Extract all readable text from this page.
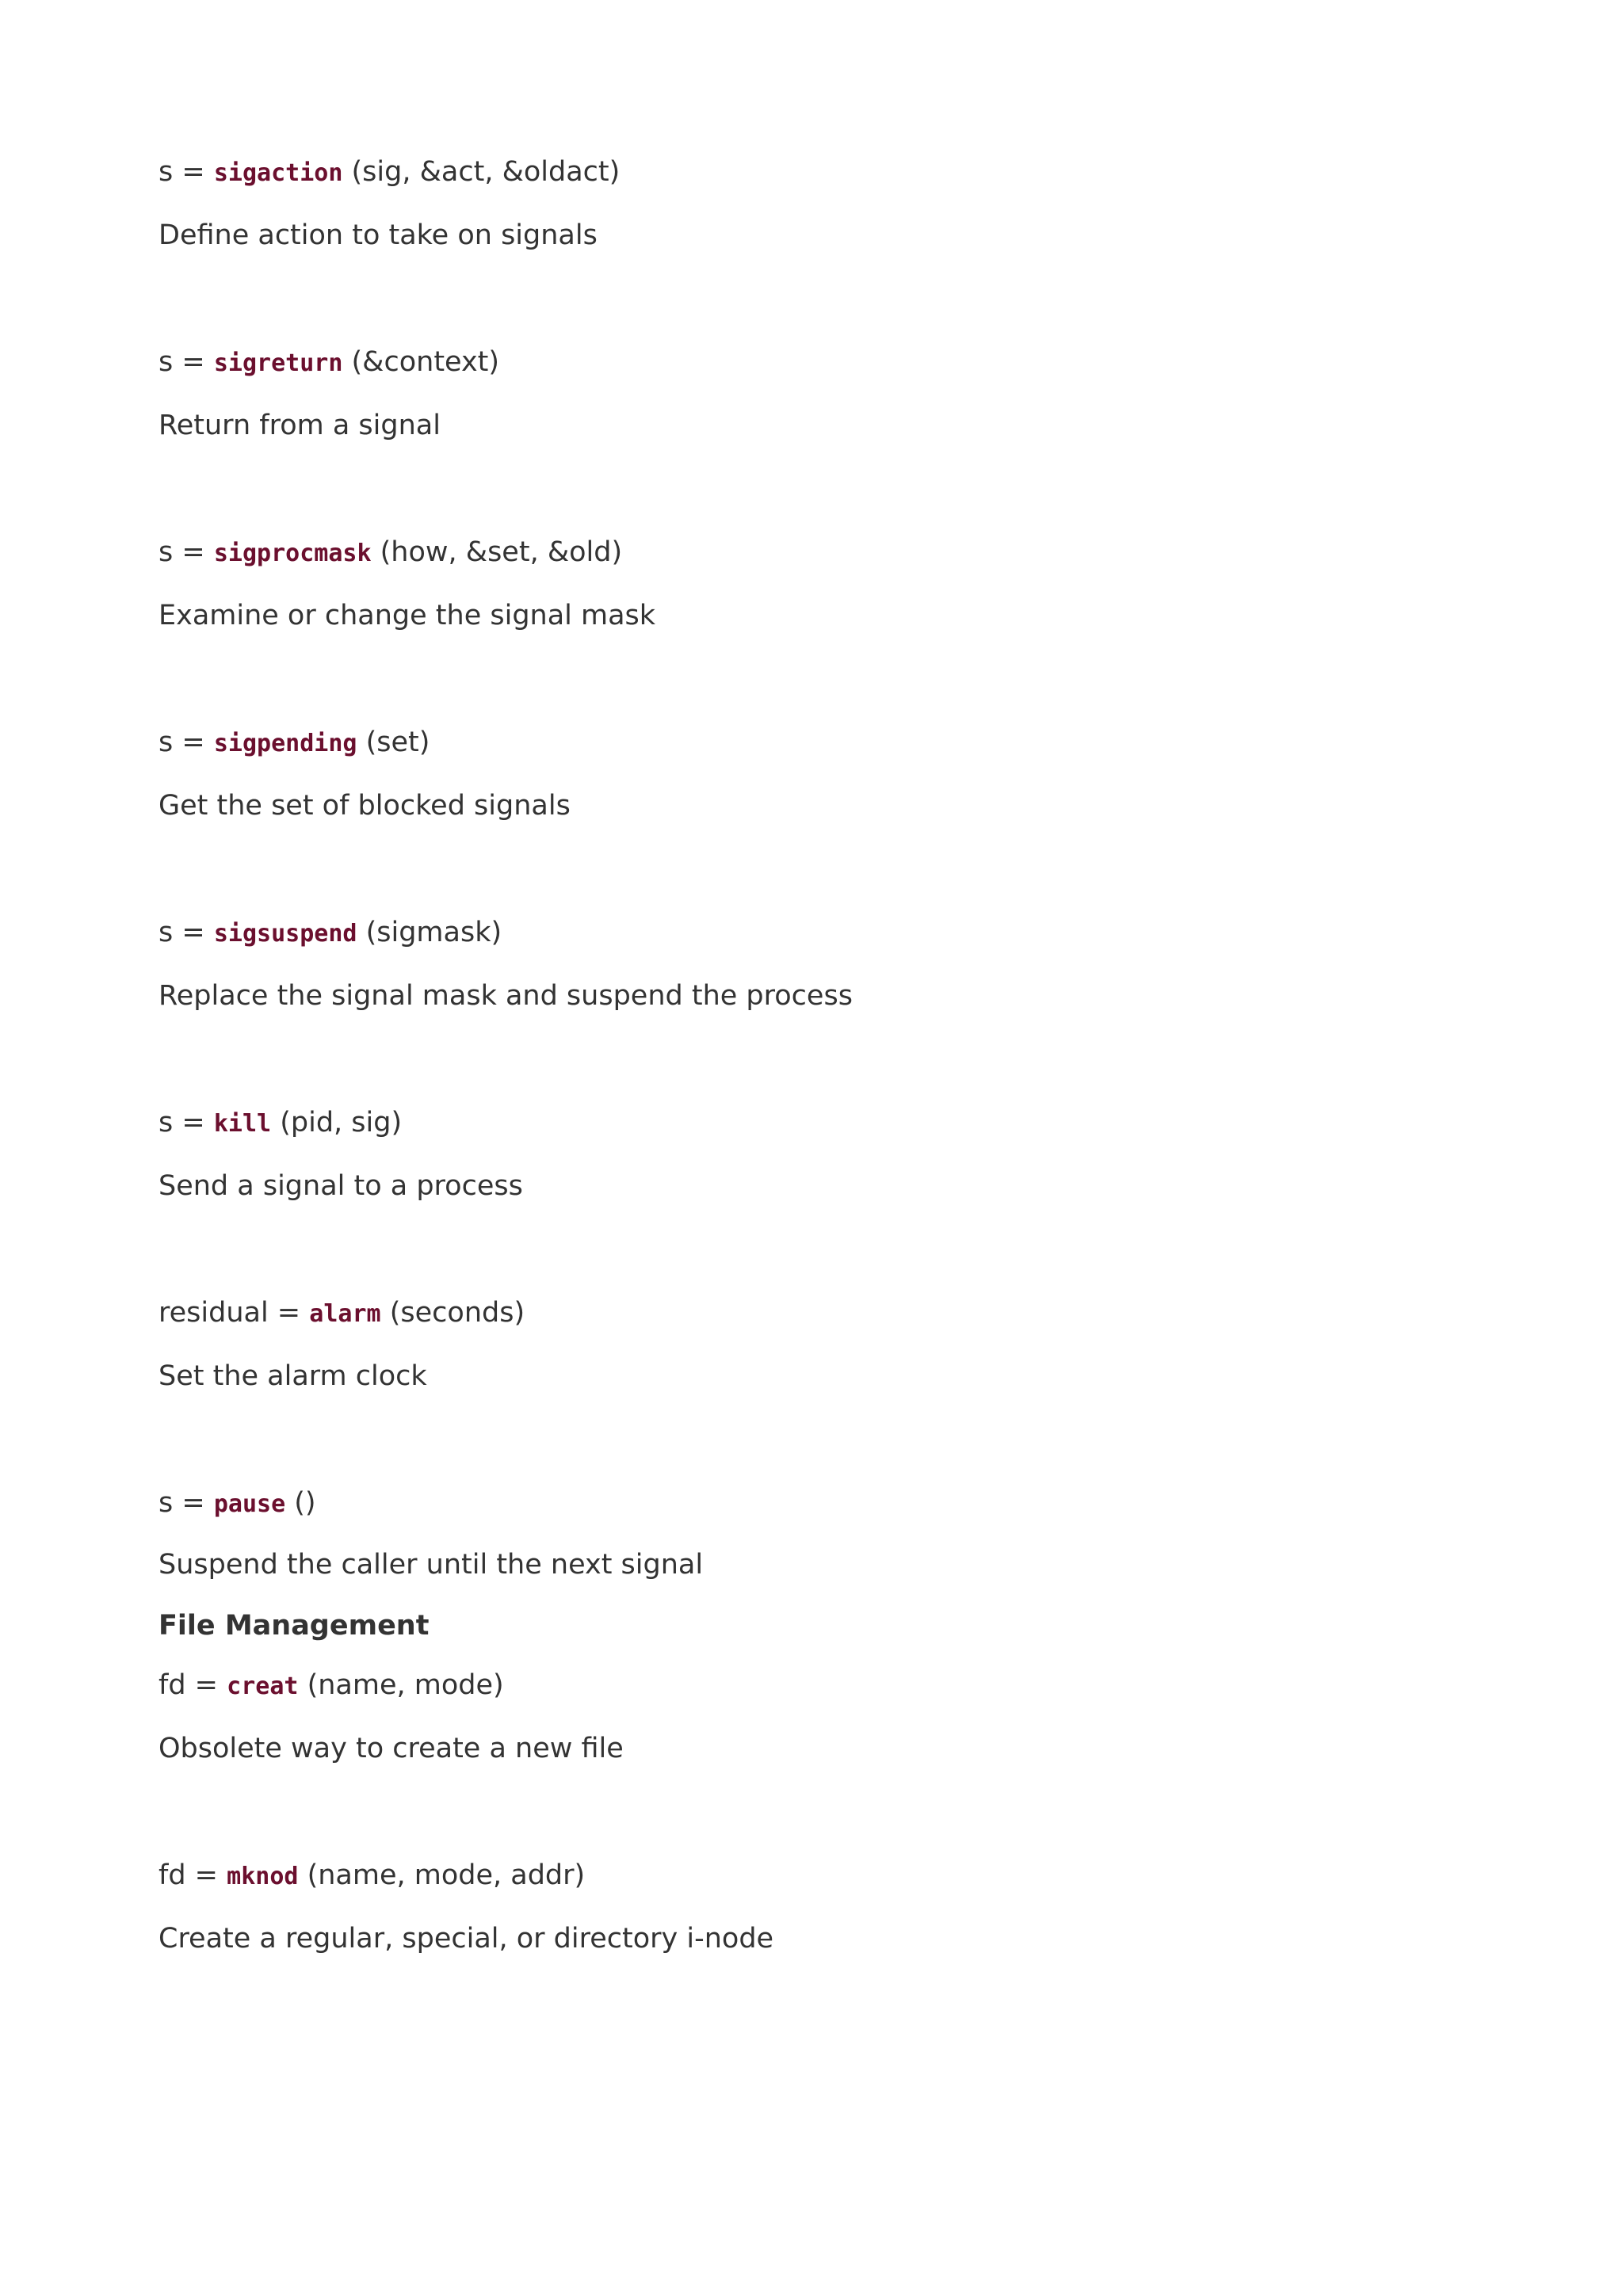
s = sigaction (sig, &act, &oldact)
Define action to take on signals
s = sigreturn (&context)
Return from a signal
s = sigprocmask (how, &set, &old)
Examine or change the signal mask
s = sigpending (set)
Get the set of blocked signals
s = sigsuspend (sigmask)
Replace the signal mask and suspend the process
s = kill (pid, sig)
Send a signal to a process
residual = alarm (seconds)
Set the alarm clock
s = pause ()
Suspend the caller until the next signal
File Management
fd = creat (name, mode)
Obsolete way to create a new file
fd = mknod (name, mode, addr)
Create a regular, special, or directory i-node
